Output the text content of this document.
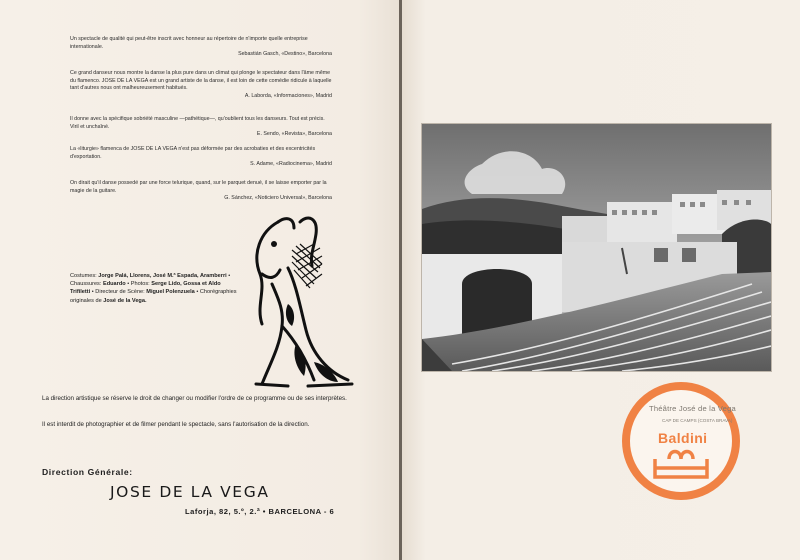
Un spectacle de qualité qui peut-être inscrit avec honneur au répertoire de n'importe quelle entreprise internationale.
Sebastián Gasch, «Destino», Barcelona
Ce grand danseur nous montre la danse la plus pure dans un climat qui plonge le spectateur dans l'âme même du flamenco. JOSE DE LA VEGA est un grand artiste de la danse, il est loin de cette comédie ridicule à laquelle tant d'autres nous ont malheureusement habitués.
A. Laborda, «Informaciones», Madrid
Il donne avec la spécifique sobriété masculine —pathétique—, qu'oublient tous les danseurs. Tout est précis. Viril et unchaîné.
E. Sendo, «Revista», Barcelona
La «liturgie» flamenca de JOSE DE LA VEGA n'est pas déformée par des acrobaties et des excentricités d'exportation.
S. Adame, «Radiocinema», Madrid
On dirait qu'il danse possedé par une force telurique, quand, sur le parquet denué, il se laisse emporter par la magie de la guitare.
G. Sánchez, «Noticiero Universal», Barcelona
Costumes: Jorge Palá, Llorens, José M.ª Espada, Aramberri • Chaussures: Eduardo • Photos: Serge Lido, Gossa et Aldo Trifiletti • Directeur de Scène: Miguel Polenzuela • Chorégraphies originales de José de la Vega.
La direction artistique se réserve le droit de changer ou modifier l'ordre de ce programme ou de ses interprètes.
Il est interdit de photographier et de filmer pendant le spectacle, sans l'autorisation de la direction.
Direction Générale:
JOSE DE LA VEGA
Laforja, 82, 5.º, 2.ª • BARCELONA - 6
Théâtre José de la Vega
CAP DE CAMPS (COSTA BRAVA)
Baldini
